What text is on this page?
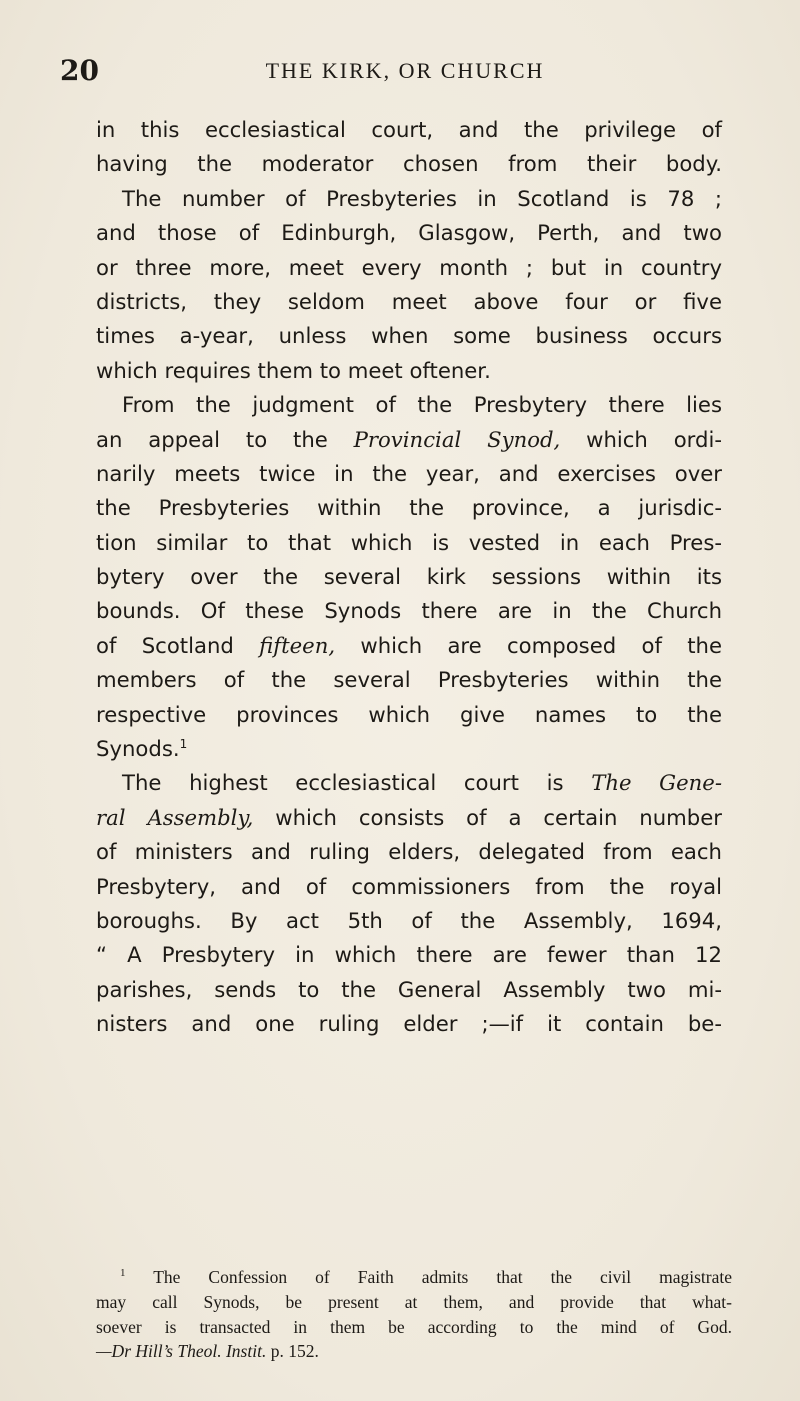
20	THE KIRK, OR CHURCH
in this ecclesiastical court, and the privilege of
having the moderator chosen from their body.
The number of Presbyteries in Scotland is 78 ;
and those of Edinburgh, Glasgow, Perth, and two
or three more, meet every month ; but in country
districts, they seldom meet above four or five
times a-year, unless when some business occurs
which requires them to meet oftener.
From the judgment of the Presbytery there lies
an appeal to the Provincial Synod, which ordi-
narily meets twice in the year, and exercises over
the Presbyteries within the province, a jurisdic-
tion similar to that which is vested in each Pres-
bytery over the several kirk sessions within its
bounds. Of these Synods there are in the Church
of Scotland fifteen, which are composed of the
members of the several Presbyteries within the
respective provinces which give names to the
Synods.$^1$
The highest ecclesiastical court is The Gene-
ral Assembly, which consists of a certain number
of ministers and ruling elders, delegated from each
Presbytery, and of commissioners from the royal
boroughs. By act 5th of the Assembly, 1694,
“ A Presbytery in which there are fewer than 12
parishes, sends to the General Assembly two mi-
nisters and one ruling elder ;—if it contain be-
$^1$ The Confession of Faith admits that the civil magistrate
may call Synods, be present at them, and provide that what-
soever is transacted in them be according to the mind of God.
—Dr Hill’s Theol. Instit. p. 152.
